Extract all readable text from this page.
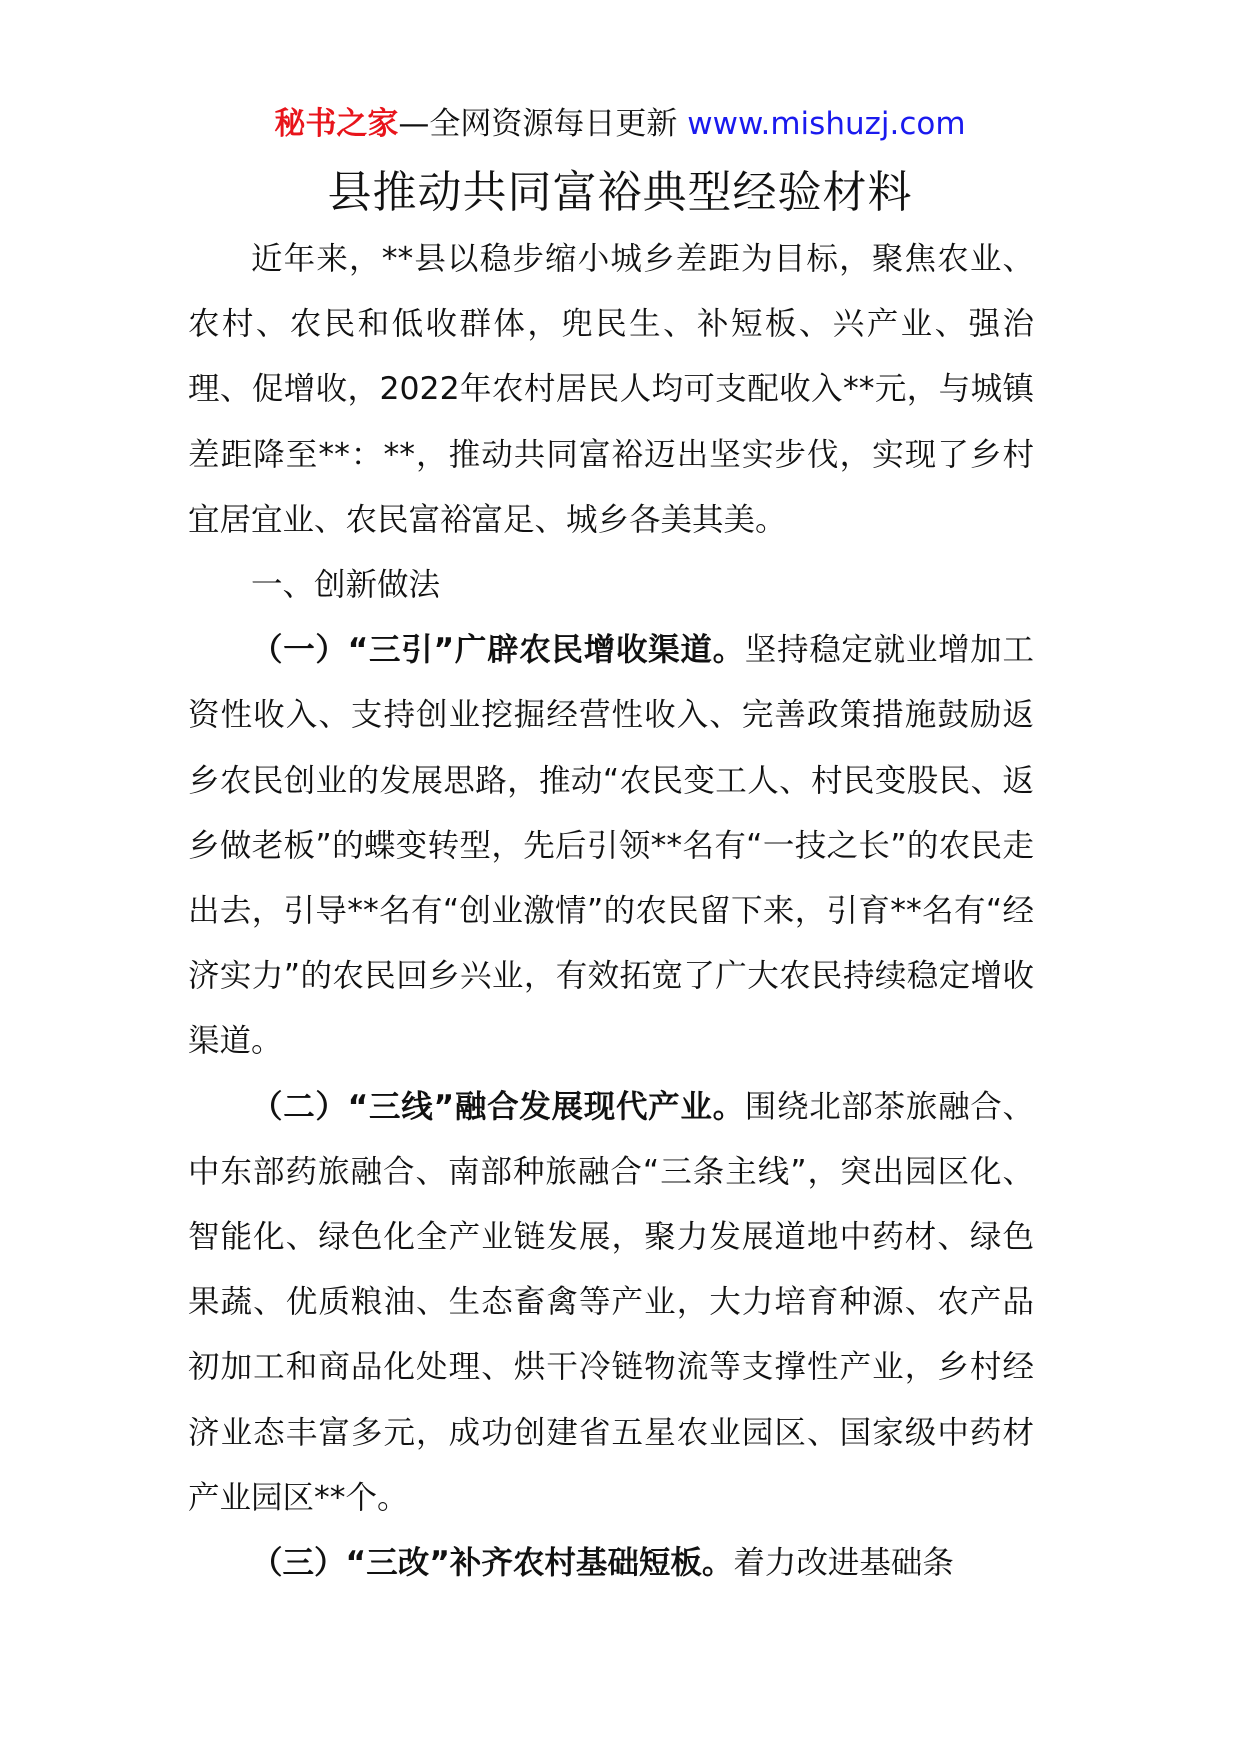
秘书之家—全网资源每日更新 www.mishuzj.com
县推动共同富裕典型经验材料

近年来，**县以稳步缩小城乡差距为目标，聚焦农业、农村、农民和低收群体，兜民生、补短板、兴产业、强治理、促增收，2022年农村居民人均可支配收入**元，与城镇差距降至**：**，推动共同富裕迈出坚实步伐，实现了乡村宜居宜业、农民富裕富足、城乡各美其美。

一、创新做法

（一）“三引”广辟农民增收渠道。坚持稳定就业增加工资性收入、支持创业挖掘经营性收入、完善政策措施鼓励返乡农民创业的发展思路，推动“农民变工人、村民变股民、返乡做老板”的蝶变转型，先后引领**名有“一技之长”的农民走出去，引导**名有“创业激情”的农民留下来，引育**名有“经济实力”的农民回乡兴业，有效拓宽了广大农民持续稳定增收渠道。

（二）“三线”融合发展现代产业。围绕北部茶旅融合、中东部药旅融合、南部种旅融合“三条主线”，突出园区化、智能化、绿色化全产业链发展，聚力发展道地中药材、绿色果蔬、优质粮油、生态畜禽等产业，大力培育种源、农产品初加工和商品化处理、烘干冷链物流等支撑性产业，乡村经济业态丰富多元，成功创建省五星农业园区、国家级中药材产业园区**个。

（三）“三改”补齐农村基础短板。着力改进基础条
